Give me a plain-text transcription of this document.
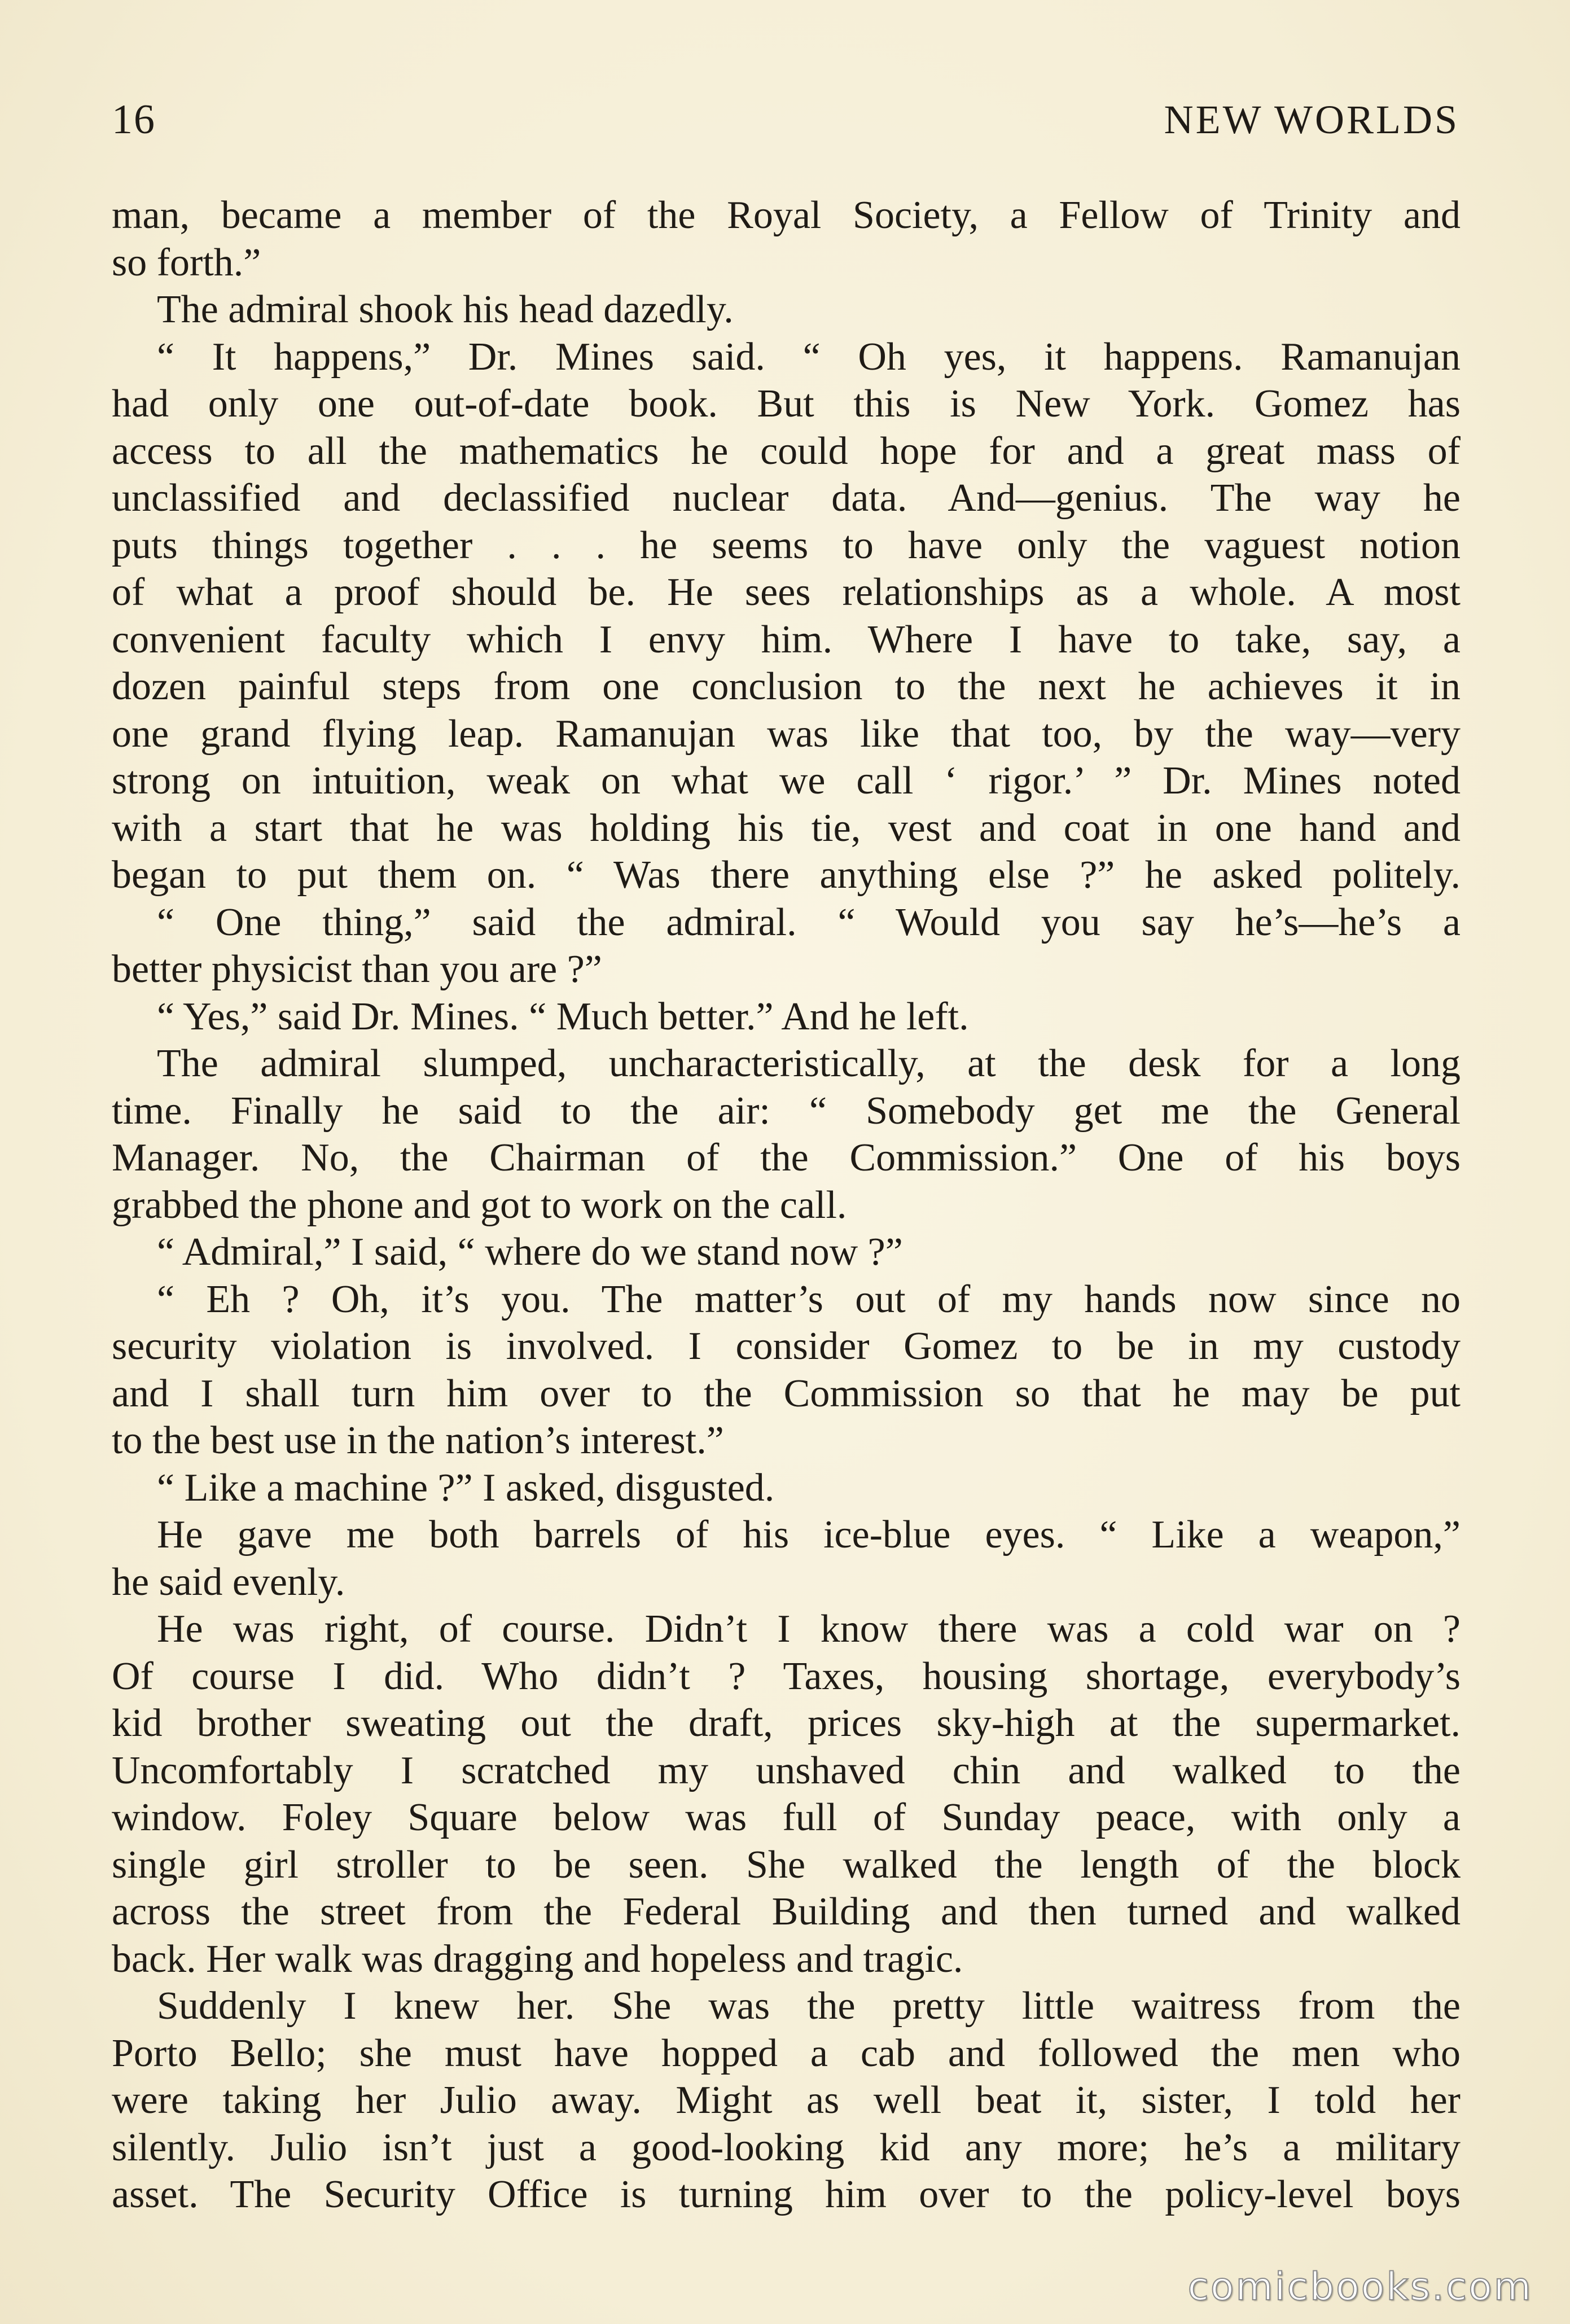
16	NEW WORLDS
man, became a member of the Royal Society, a Fellow of Trinity and
so forth.”
The admiral shook his head dazedly.
“ It happens,” Dr. Mines said. “ Oh yes, it happens. Ramanujan
had only one out-of-date book. But this is New York. Gomez has
access to all the mathematics he could hope for and a great mass of
unclassified and declassified nuclear data. And—genius. The way he
puts things together . . . he seems to have only the vaguest notion
of what a proof should be. He sees relationships as a whole. A most
convenient faculty which I envy him. Where I have to take, say, a
dozen painful steps from one conclusion to the next he achieves it in
one grand flying leap. Ramanujan was like that too, by the way—very
strong on intuition, weak on what we call ‘ rigor.’ ” Dr. Mines noted
with a start that he was holding his tie, vest and coat in one hand and
began to put them on. “ Was there anything else ?” he asked politely.
“ One thing,” said the admiral. “ Would you say he’s—he’s a
better physicist than you are ?”
“ Yes,” said Dr. Mines. “ Much better.” And he left.
The admiral slumped, uncharacteristically, at the desk for a long
time. Finally he said to the air: “ Somebody get me the General
Manager. No, the Chairman of the Commission.” One of his boys
grabbed the phone and got to work on the call.
“ Admiral,” I said, “ where do we stand now ?”
“ Eh ? Oh, it’s you. The matter’s out of my hands now since no
security violation is involved. I consider Gomez to be in my custody
and I shall turn him over to the Commission so that he may be put
to the best use in the nation’s interest.”
“ Like a machine ?” I asked, disgusted.
He gave me both barrels of his ice-blue eyes. “ Like a weapon,”
he said evenly.
He was right, of course. Didn’t I know there was a cold war on ?
Of course I did. Who didn’t ? Taxes, housing shortage, everybody’s
kid brother sweating out the draft, prices sky-high at the supermarket.
Uncomfortably I scratched my unshaved chin and walked to the
window. Foley Square below was full of Sunday peace, with only a
single girl stroller to be seen. She walked the length of the block
across the street from the Federal Building and then turned and walked
back. Her walk was dragging and hopeless and tragic.
Suddenly I knew her. She was the pretty little waitress from the
Porto Bello; she must have hopped a cab and followed the men who
were taking her Julio away. Might as well beat it, sister, I told her
silently. Julio isn’t just a good-looking kid any more; he’s a military
asset. The Security Office is turning him over to the policy-level boys
comicbooks.com
